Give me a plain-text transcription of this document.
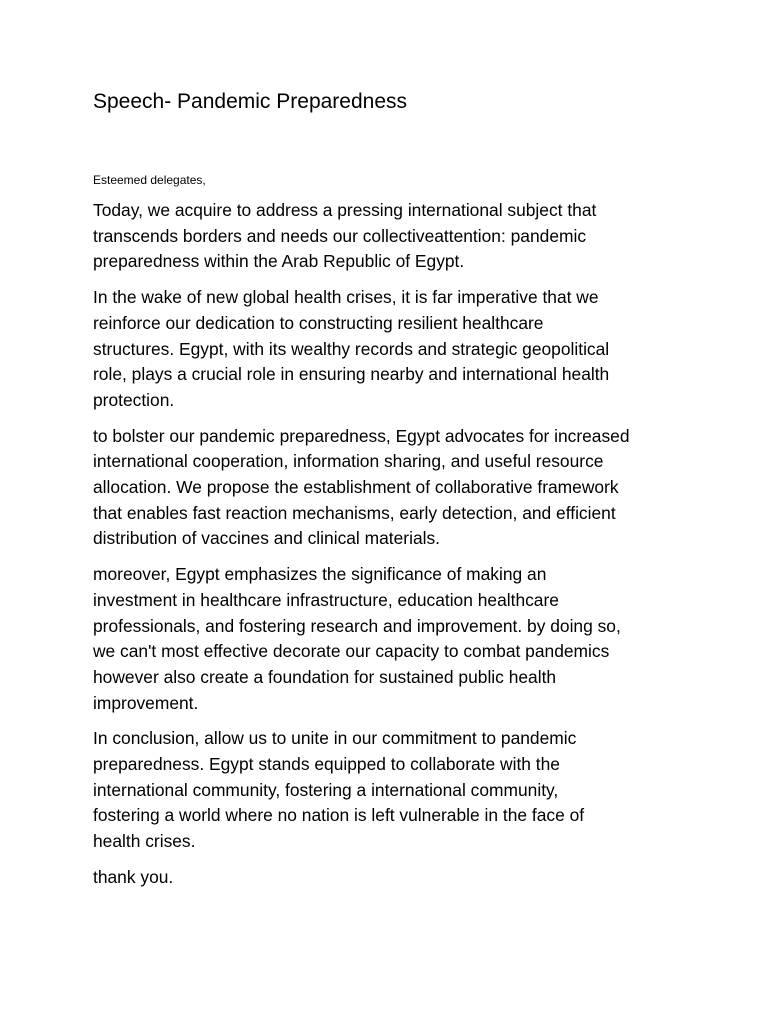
Speech- Pandemic Preparedness

Esteemed delegates,

Today, we acquire to address a pressing international subject that
transcends borders and needs our collectiveattention: pandemic
preparedness within the Arab Republic of Egypt.

In the wake of new global health crises, it is far imperative that we
reinforce our dedication to constructing resilient healthcare
structures. Egypt, with its wealthy records and strategic geopolitical
role, plays a crucial role in ensuring nearby and international health
protection.

to bolster our pandemic preparedness, Egypt advocates for increased
international cooperation, information sharing, and useful resource
allocation. We propose the establishment of collaborative framework
that enables fast reaction mechanisms, early detection, and efficient
distribution of vaccines and clinical materials.

moreover, Egypt emphasizes the significance of making an
investment in healthcare infrastructure, education healthcare
professionals, and fostering research and improvement. by doing so,
we can't most effective decorate our capacity to combat pandemics
however also create a foundation for sustained public health
improvement.

In conclusion, allow us to unite in our commitment to pandemic
preparedness. Egypt stands equipped to collaborate with the
international community, fostering a international community,
fostering a world where no nation is left vulnerable in the face of
health crises.

thank you.
